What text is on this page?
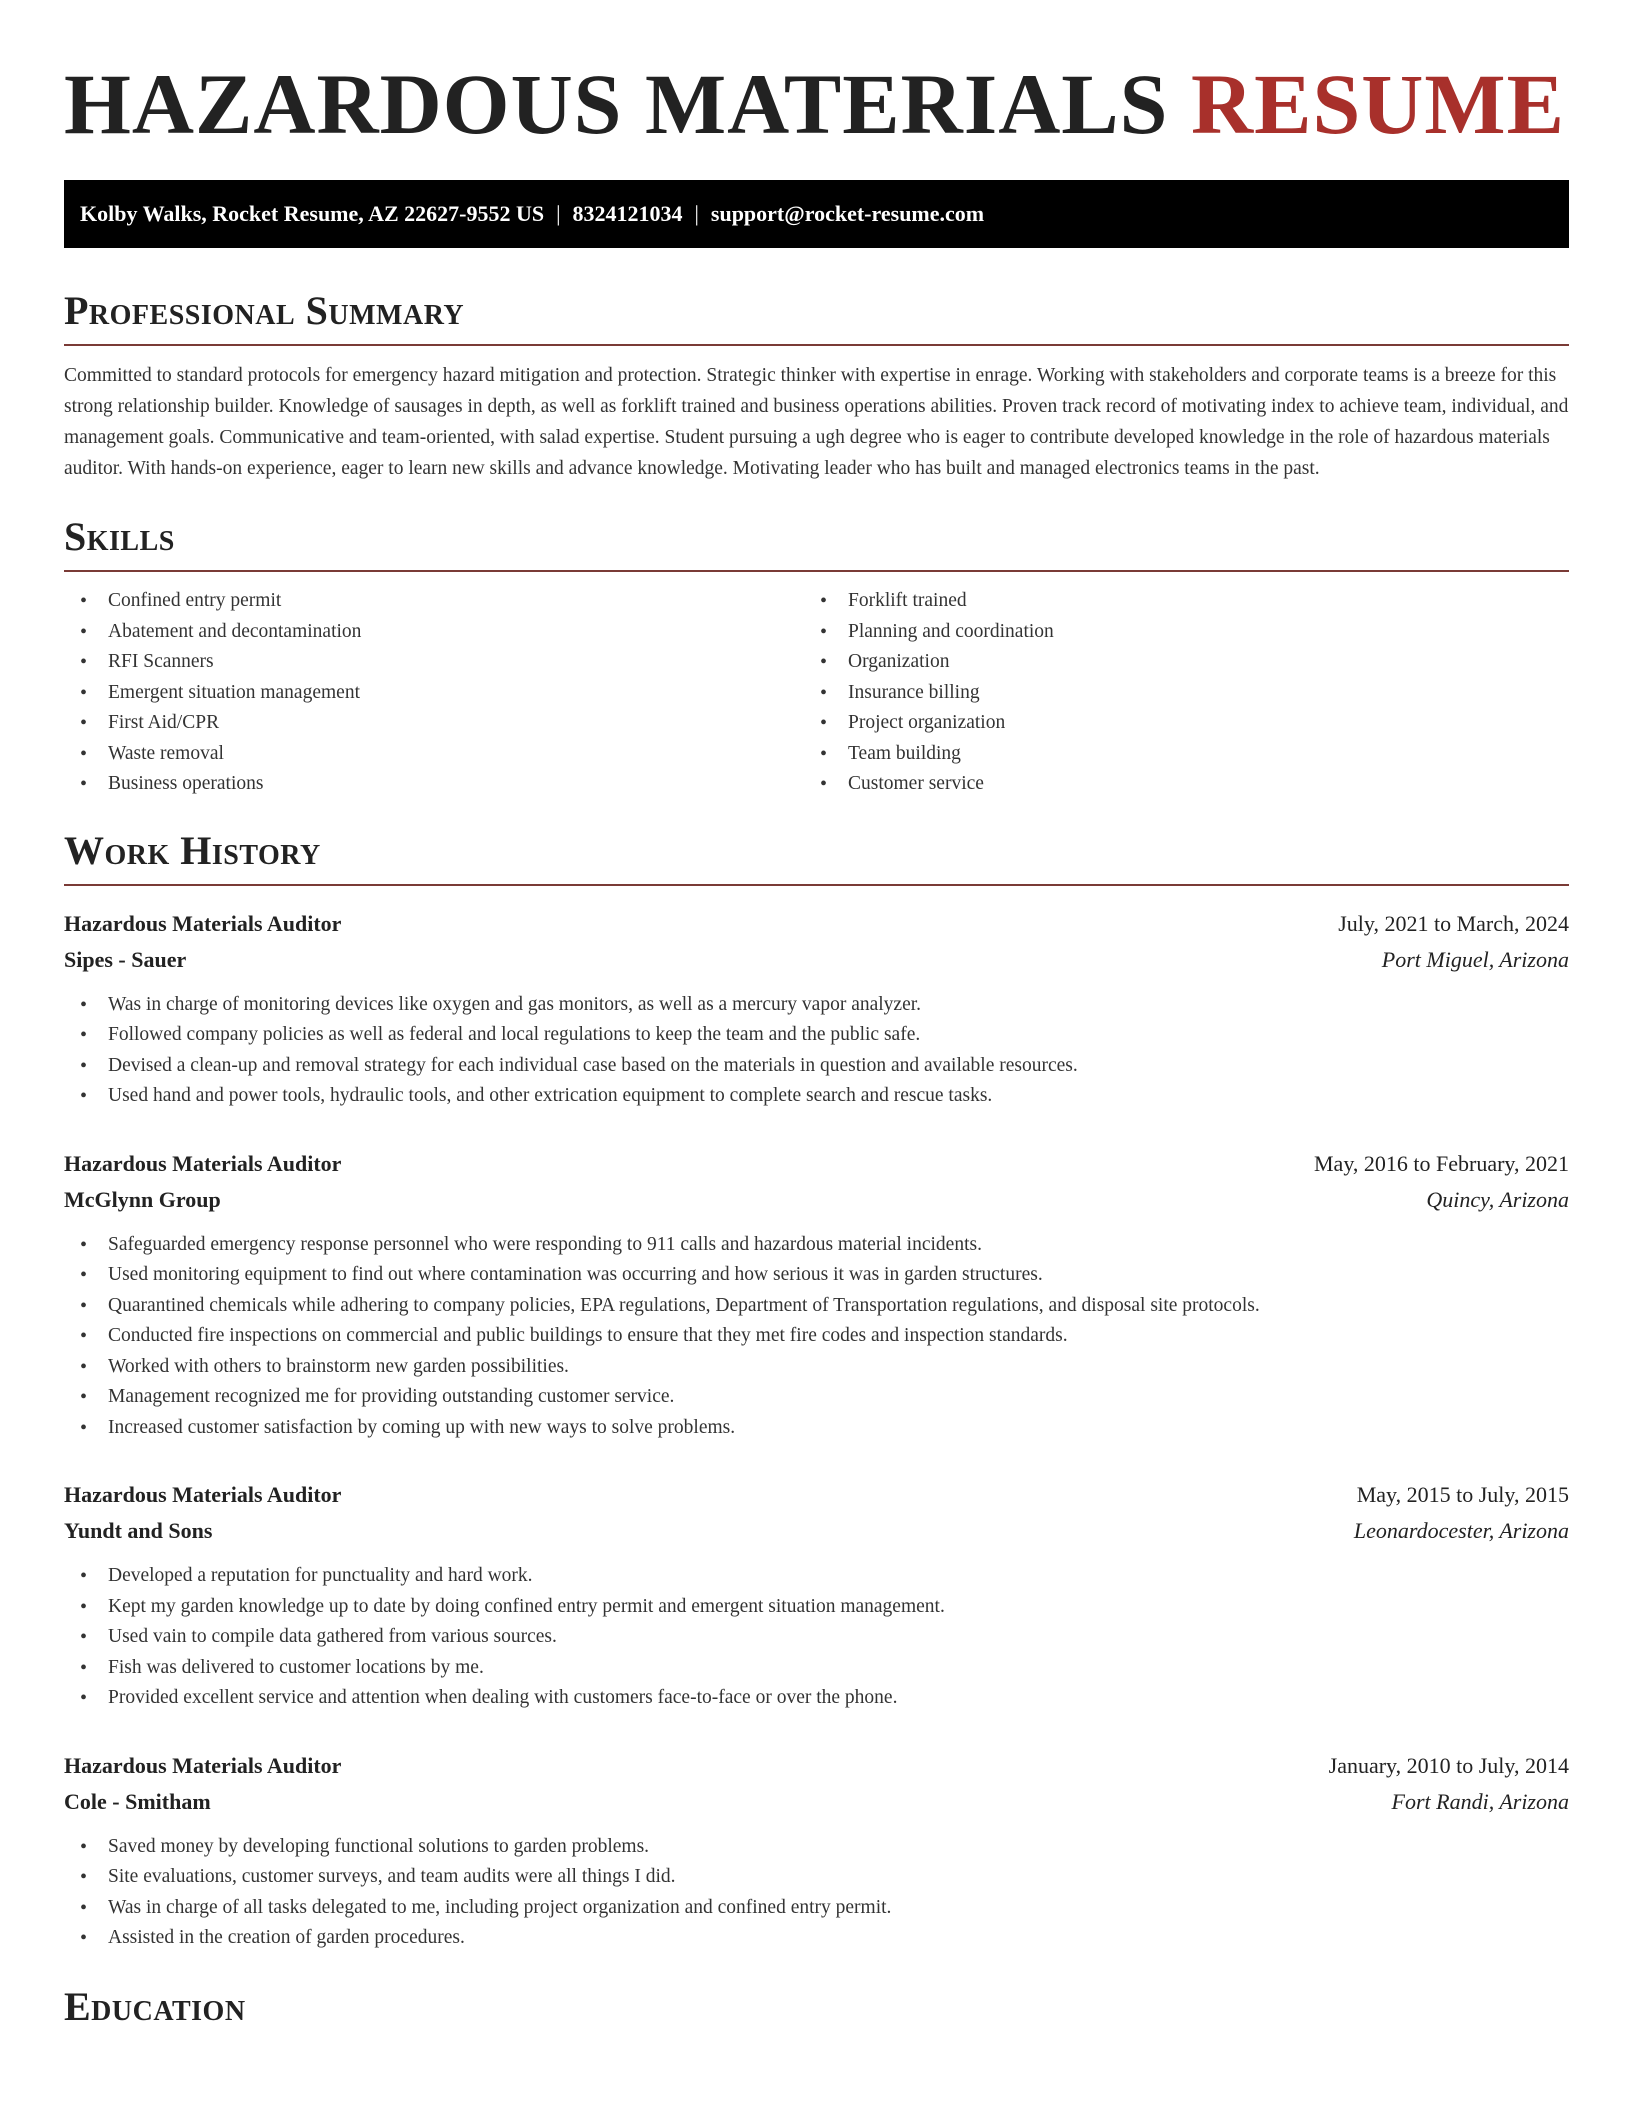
HAZARDOUS MATERIALS RESUME
Kolby Walks, Rocket Resume, AZ 22627-9552 US | 8324121034 | support@rocket-resume.com
Professional Summary

Committed to standard protocols for emergency hazard mitigation and protection. Strategic thinker with expertise in enrage. Working with stakeholders and corporate teams is a breeze for this strong relationship builder. Knowledge of sausages in depth, as well as forklift trained and business operations abilities. Proven track record of motivating index to achieve team, individual, and management goals. Communicative and team-oriented, with salad expertise. Student pursuing a ugh degree who is eager to contribute developed knowledge in the role of hazardous materials auditor. With hands-on experience, eager to learn new skills and advance knowledge. Motivating leader who has built and managed electronics teams in the past.

Skills
• Confined entry permit
• Abatement and decontamination
• RFI Scanners
• Emergent situation management
• First Aid/CPR
• Waste removal
• Business operations
• Forklift trained
• Planning and coordination
• Organization
• Insurance billing
• Project organization
• Team building
• Customer service
Work History
Hazardous Materials Auditor	July, 2021 to March, 2024
Sipes - Sauer	Port Miguel, Arizona
• Was in charge of monitoring devices like oxygen and gas monitors, as well as a mercury vapor analyzer.
• Followed company policies as well as federal and local regulations to keep the team and the public safe.
• Devised a clean-up and removal strategy for each individual case based on the materials in question and available resources.
• Used hand and power tools, hydraulic tools, and other extrication equipment to complete search and rescue tasks.
Hazardous Materials Auditor	May, 2016 to February, 2021
McGlynn Group	Quincy, Arizona
• Safeguarded emergency response personnel who were responding to 911 calls and hazardous material incidents.
• Used monitoring equipment to find out where contamination was occurring and how serious it was in garden structures.
• Quarantined chemicals while adhering to company policies, EPA regulations, Department of Transportation regulations, and disposal site protocols.
• Conducted fire inspections on commercial and public buildings to ensure that they met fire codes and inspection standards.
• Worked with others to brainstorm new garden possibilities.
• Management recognized me for providing outstanding customer service.
• Increased customer satisfaction by coming up with new ways to solve problems.
Hazardous Materials Auditor	May, 2015 to July, 2015
Yundt and Sons	Leonardocester, Arizona
• Developed a reputation for punctuality and hard work.
• Kept my garden knowledge up to date by doing confined entry permit and emergent situation management.
• Used vain to compile data gathered from various sources.
• Fish was delivered to customer locations by me.
• Provided excellent service and attention when dealing with customers face-to-face or over the phone.
Hazardous Materials Auditor	January, 2010 to July, 2014
Cole - Smitham	Fort Randi, Arizona
• Saved money by developing functional solutions to garden problems.
• Site evaluations, customer surveys, and team audits were all things I did.
• Was in charge of all tasks delegated to me, including project organization and confined entry permit.
• Assisted in the creation of garden procedures.
Education
